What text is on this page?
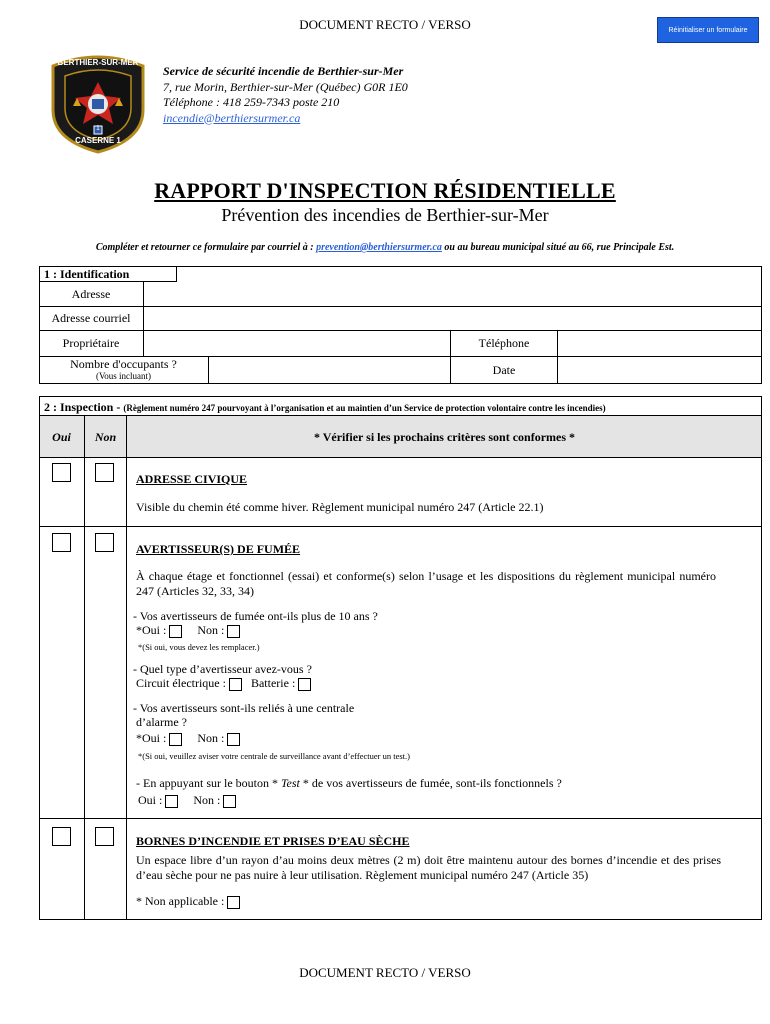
DOCUMENT RECTO / VERSO	Réinitialiser un formulaire
BERTHIER-SUR-MER
CASERNE 1
1
Service de sécurité incendie de Berthier-sur-Mer
7, rue Morin, Berthier-sur-Mer (Québec) G0R 1E0
Téléphone : 418 259-7343 poste 210
incendie@berthiersurmer.ca
RAPPORT D'INSPECTION RÉSIDENTIELLE
Prévention des incendies de Berthier-sur-Mer
Compléter et retourner ce formulaire par courriel à : prevention@berthiersurmer.ca ou au bureau municipal situé au 66, rue Principale Est.
1 : Identification
Adresse
Adresse courriel
Propriétaire	Téléphone
Nombre d'occupants ?
(Vous incluant)	Date
2 : Inspection - (Règlement numéro 247 pourvoyant à l’organisation et au maintien d’un Service de protection volontaire contre les incendies)
Oui	Non	* Vérifier si les prochains critères sont conformes *
ADRESSE CIVIQUE
Visible du chemin été comme hiver. Règlement municipal numéro 247 (Article 22.1)
AVERTISSEUR(S) DE FUMÉE
À chaque étage et fonctionnel (essai) et conforme(s) selon l’usage et les dispositions du règlement municipal numéro 247 (Articles 32, 33, 34)
- Vos avertisseurs de fumée ont-ils plus de 10 ans ?
*Oui :	Non :
*(Si oui, vous devez les remplacer.)
- Quel type d’avertisseur avez-vous ?
Circuit électrique : Batterie :
- Vos avertisseurs sont-ils reliés à une centrale
d’alarme ?
*Oui :	Non :
*(Si oui, veuillez aviser votre centrale de surveillance avant d’effectuer un test.)
- En appuyant sur le bouton * Test * de vos avertisseurs de fumée, sont-ils fonctionnels ?
Oui :	Non :
BORNES D’INCENDIE ET PRISES D’EAU SÈCHE
Un espace libre d’un rayon d’au moins deux mètres (2 m) doit être maintenu autour des bornes d’incendie et des prises d’eau sèche pour ne pas nuire à leur utilisation. Règlement municipal numéro 247 (Article 35)
* Non applicable :
DOCUMENT RECTO / VERSO
